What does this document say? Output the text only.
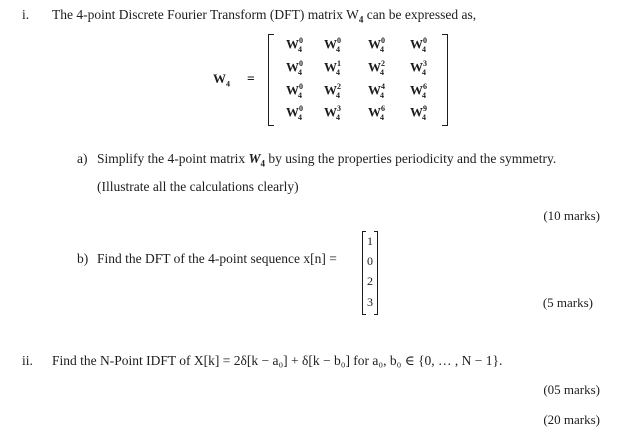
i. The 4-point Discrete Fourier Transform (DFT) matrix $W_4$ can be expressed as,
$W_4$ =
$W^0_4$ $W^0_4$ $W^0_4$ $W^0_4$
$W^0_4$ $W^1_4$ $W^2_4$ $W^3_4$
$W^0_4$ $W^2_4$ $W^4_4$ $W^6_4$
$W^0_4$ $W^3_4$ $W^6_4$ $W^9_4$
a) Simplify the 4-point matrix $W_4$ by using the properties periodicity and the symmetry.
(Illustrate all the calculations clearly)
(10 marks)
b) Find the DFT of the 4-point sequence x[n] =
1
0
2
3	(5 marks)
ii. Find the N-Point IDFT of X[k] = 2δ[k − a₀] + δ[k − b₀] for a₀, b₀ ∈ {0, … , N − 1}.
(05 marks)
(20 marks)
